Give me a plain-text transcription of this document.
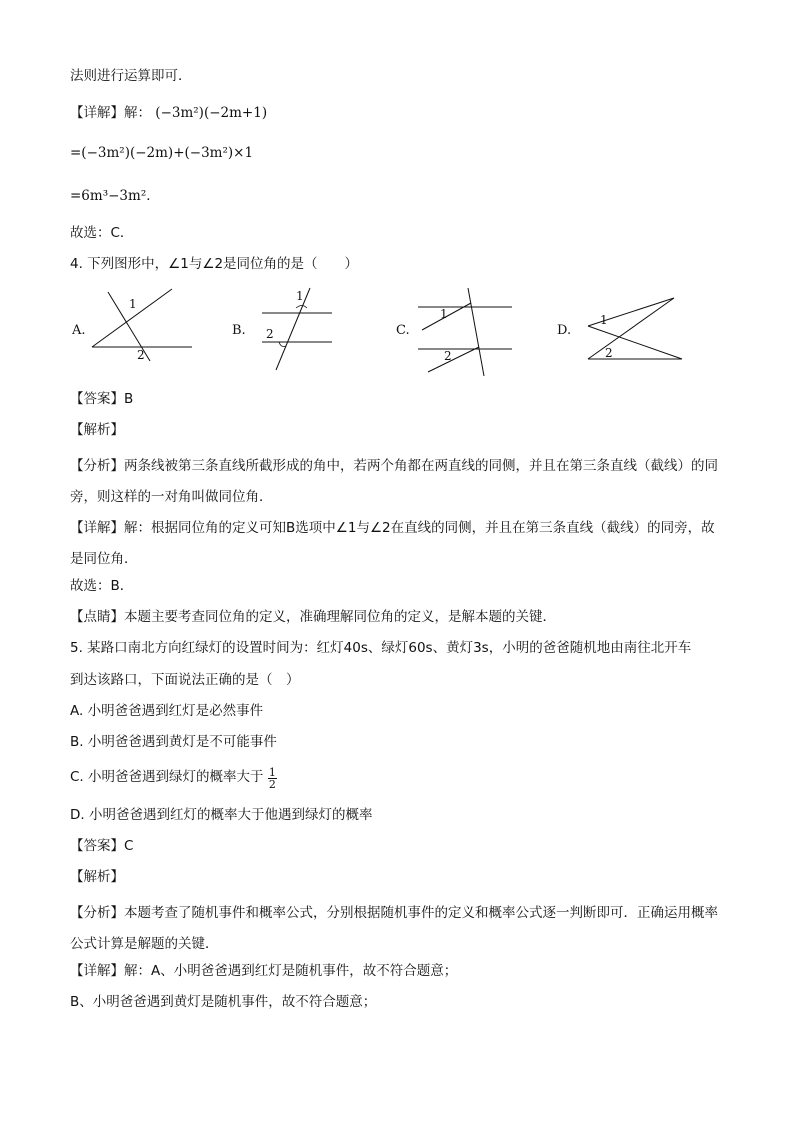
法则进行运算即可．
【详解】解： (−3m²)(−2m+1)
=(−3m²)(−2m)+(−3m²)×1
=6m³−3m²．
故选：C．
4. 下列图形中，∠1与∠2是同位角的是（　　）
1
2
1
2
1
2
1
2
A.	B.	C.	D.
【答案】B
【解析】
【分析】两条线被第三条直线所截形成的角中，若两个角都在两直线的同侧，并且在第三条直线（截线）的同旁，则这样的一对角叫做同位角．
【详解】解：根据同位角的定义可知B选项中∠1与∠2在直线的同侧，并且在第三条直线（截线）的同旁，故是同位角．
故选：B．
【点睛】本题主要考查同位角的定义，准确理解同位角的定义，是解本题的关键．
5. 某路口南北方向红绿灯的设置时间为：红灯40s、绿灯60s、黄灯3s，小明的爸爸随机地由南往北开车
到达该路口，下面说法正确的是（　）
A. 小明爸爸遇到红灯是必然事件
B. 小明爸爸遇到黄灯是不可能事件
C. 小明爸爸遇到绿灯的概率大于 $\frac{1}{2}$
D. 小明爸爸遇到红灯的概率大于他遇到绿灯的概率
【答案】C
【解析】
【分析】本题考查了随机事件和概率公式，分别根据随机事件的定义和概率公式逐一判断即可．正确运用概率公式计算是解题的关键．
【详解】解：A、小明爸爸遇到红灯是随机事件，故不符合题意；
B、小明爸爸遇到黄灯是随机事件，故不符合题意；
